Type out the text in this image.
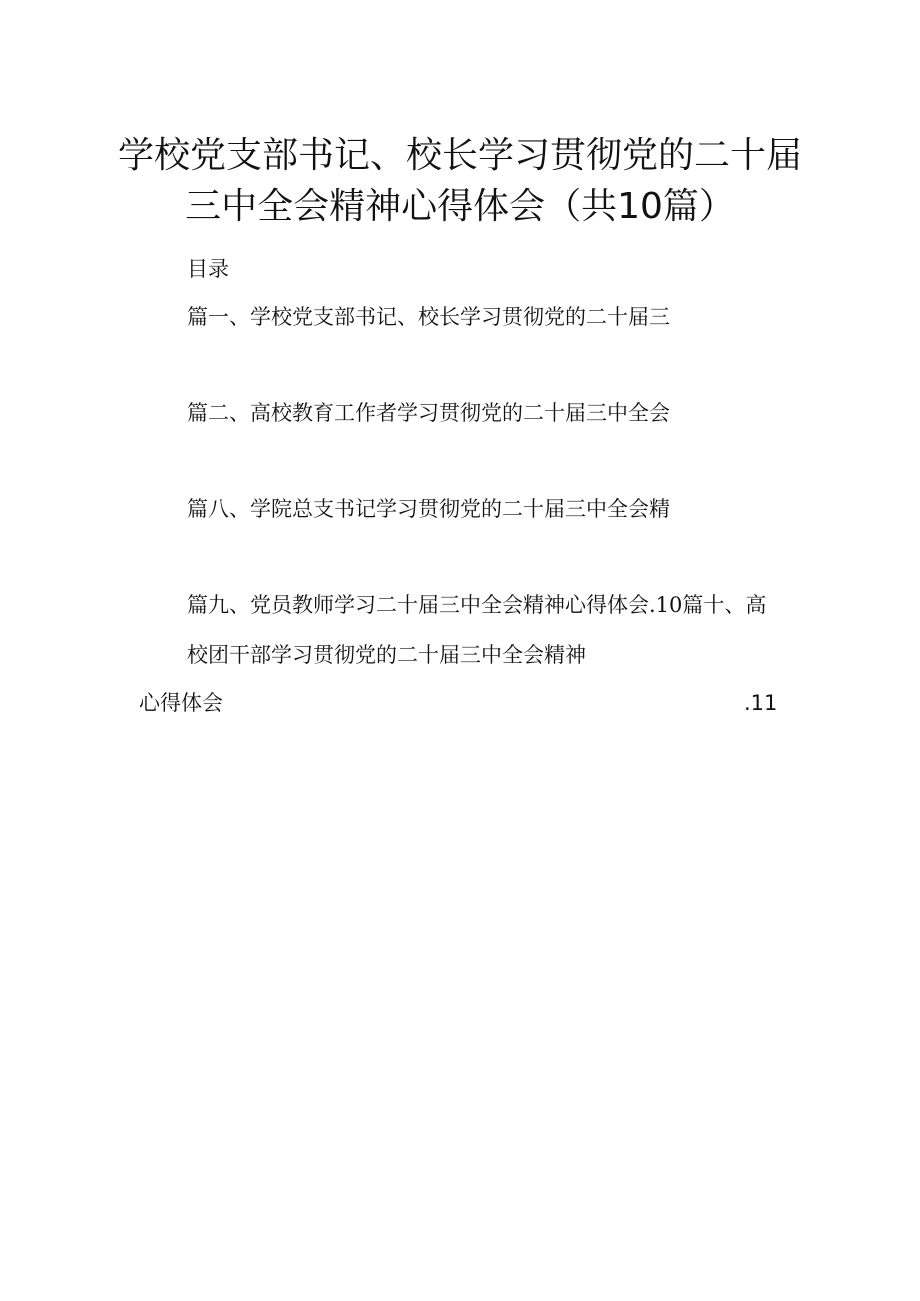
学校党支部书记、校长学习贯彻党的二十届
三中全会精神心得体会（共10篇）
目录
篇一、学校党支部书记、校长学习贯彻党的二十届三
篇二、高校教育工作者学习贯彻党的二十届三中全会
篇八、学院总支书记学习贯彻党的二十届三中全会精
篇九、党员教师学习二十届三中全会精神心得体会.10篇十、高
校团干部学习贯彻党的二十届三中全会精神
心得体会	.11
